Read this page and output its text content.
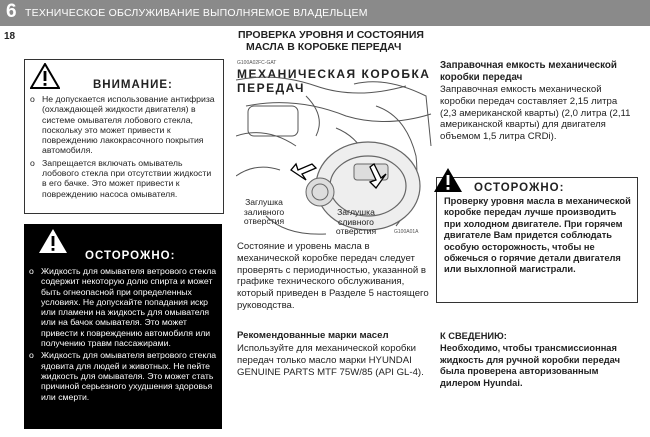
6 ТЕХНИЧЕСКОЕ ОБСЛУЖИВАНИЕ ВЫПОЛНЯЕМОЕ ВЛАДЕЛЬЦЕМ
18
ВНИМАНИЕ:
o Не допускается использование антифриза (охлаждающей жидкости двигателя) в системе омывателя лобового стекла, поскольку это может привести к повреждению лакокрасочного покрытия автомобиля.
o Запрещается включать омыватель лобового стекла при отсутствии жидкости в его бачке. Это может привести к повреждению насоса омывателя.
ОСТОРОЖНО:
o Жидкость для омывателя ветрового стекла содержит некоторую долю спирта и может быть огнеопасной при определенных условиях. Не допускайте попадания искр или пламени на жидкость для омывателя или на бачок омывателя. Это может привести к повреждению автомобиля или получению травм пассажирами.
o Жидкость для омывателя ветрового стекла ядовита для людей и животных. Не пейте жидкость для омывателя. Это может стать причиной серьезного ухудшения здоровья или смерти.
ПРОВЕРКА УРОВНЯ И СОСТОЯНИЯ
МАСЛА В КОРОБКЕ ПЕРЕДАЧ
G100A02FC-GAT
МЕХАНИЧЕСКАЯ КОРОБКА
ПЕРЕДАЧ
Заглушка
заливного
отверстия
Заглушка
сливного
отверстия	G100A01A
Состояние и уровень масла в механической коробке передач следует проверять с периодичностью, указанной в графике технического обслуживания, который приведен в Разделе 5 настоящего руководства.
Рекомендованные марки масел
Используйте для механической коробки передач только масло марки HYUNDAI GENUINE PARTS MTF 75W/85 (API GL-4).
Заправочная емкость механической коробки передач
Заправочная емкость механической коробки передач составляет 2,15 литра (2,3 американской кварты) (2,0 литра (2,11 американской кварты) для двигателя объемом 1,5 литра CRDi).
ОСТОРОЖНО:
Проверку уровня масла в механической коробке передач лучше производить при холодном двигателе. При горячем двигателе Вам придется соблюдать особую осторожность, чтобы не обжечься о горячие детали двигателя или выхлопной магистрали.
К СВЕДЕНИЮ:
Необходимо, чтобы трансмиссионная жидкость для ручной коробки передач была проверена авторизованным дилером Hyundai.
